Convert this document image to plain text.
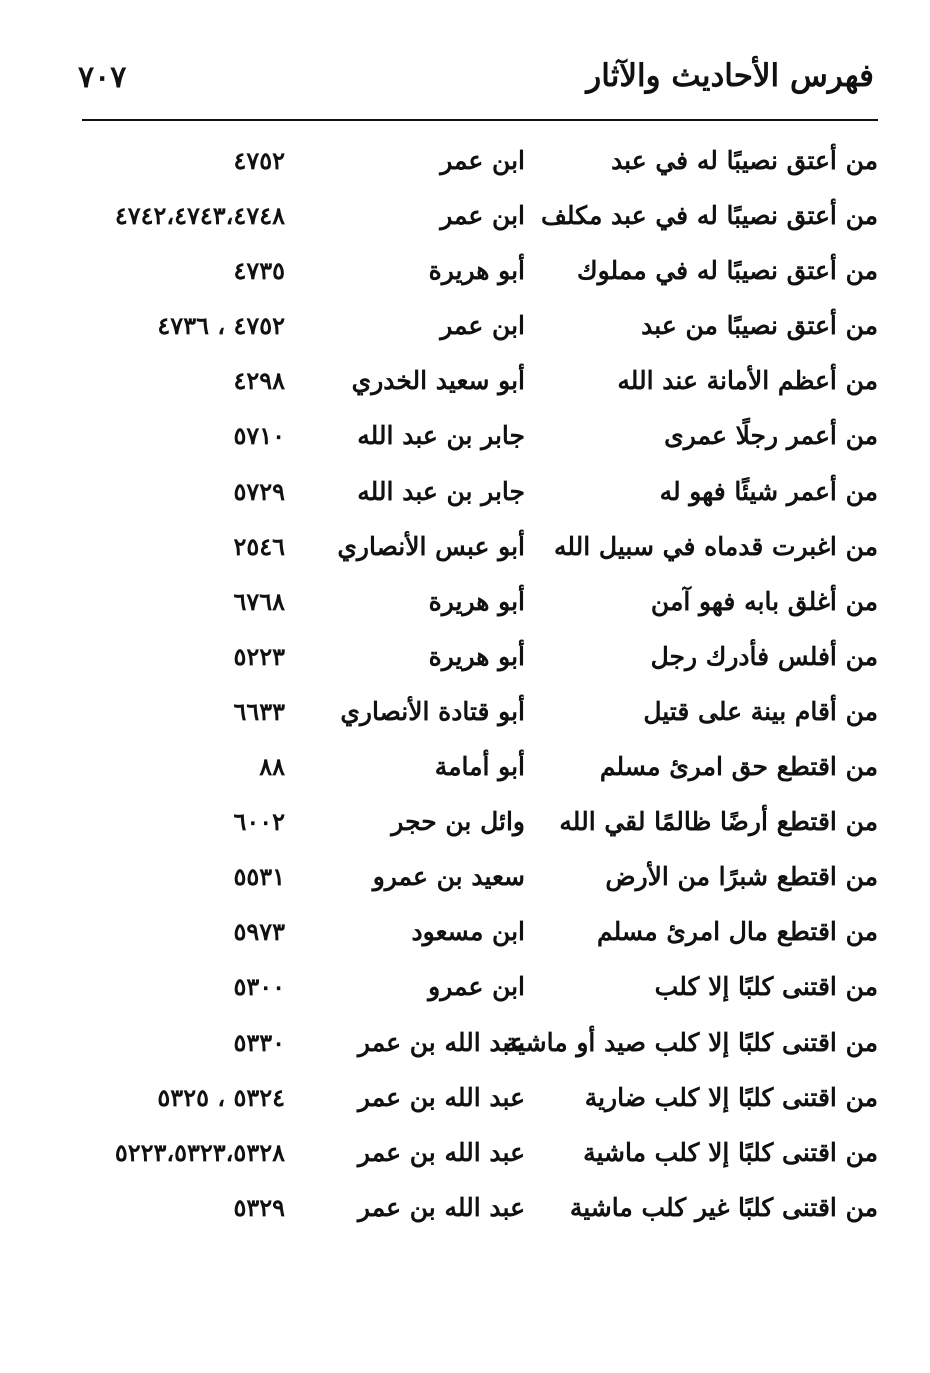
فهرس الأحاديث والآثار
٧٠٧
من أعتق نصيبًا له في عبد
ابن عمر
٤٧٥٢
من أعتق نصيبًا له في عبد مكلف
ابن عمر
٤٧٤٢،٤٧٤٣،٤٧٤٨
من أعتق نصيبًا له في مملوك
أبو هريرة
٤٧٣٥
من أعتق نصيبًا من عبد
ابن عمر
٤٧٥٢ ، ٤٧٣٦
من أعظم الأمانة عند الله
أبو سعيد الخدري
٤٢٩٨
من أعمر رجلًا عمرى
جابر بن عبد الله
٥٧١٠
من أعمر شيئًا فهو له
جابر بن عبد الله
٥٧٢٩
من اغبرت قدماه في سبيل الله
أبو عبس الأنصاري
٢٥٤٦
من أغلق بابه فهو آمن
أبو هريرة
٦٧٦٨
من أفلس فأدرك رجل
أبو هريرة
٥٢٢٣
من أقام بينة على قتيل
أبو قتادة الأنصاري
٦٦٣٣
من اقتطع حق امرئ مسلم
أبو أمامة
٨٨
من اقتطع أرضًا ظالمًا لقي الله
وائل بن حجر
٦٠٠٢
من اقتطع شبرًا من الأرض
سعيد بن عمرو
٥٥٣١
من اقتطع مال امرئ مسلم
ابن مسعود
٥٩٧٣
من اقتنى كلبًا إلا كلب
ابن عمرو
٥٣٠٠
من اقتنى كلبًا إلا كلب صيد أو ماشية
عبد الله بن عمر
٥٣٣٠
من اقتنى كلبًا إلا كلب ضارية
عبد الله بن عمر
٥٣٢٤ ، ٥٣٢٥
من اقتنى كلبًا إلا كلب ماشية
عبد الله بن عمر
٥٢٢٣،٥٣٢٣،٥٣٢٨
من اقتنى كلبًا غير كلب ماشية
عبد الله بن عمر
٥٣٢٩
